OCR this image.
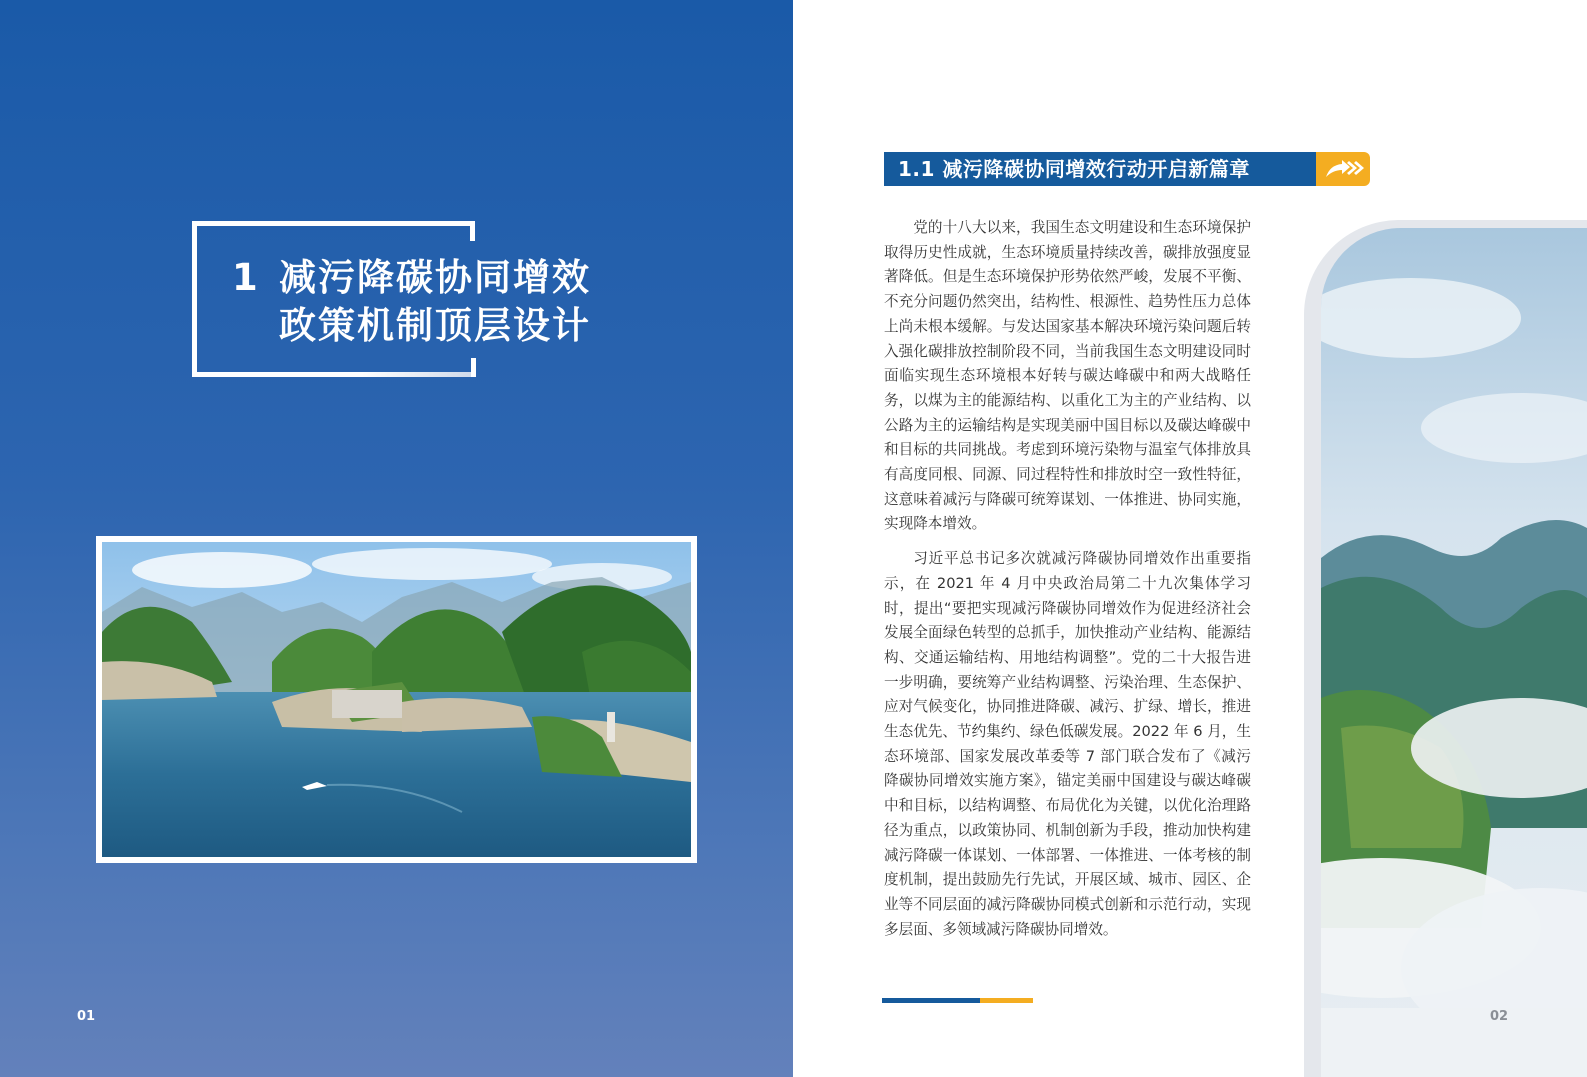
1 减污降碳协同增效
政策机制顶层设计
01
1.1 减污降碳协同增效行动开启新篇章

党的十八大以来，我国生态文明建设和生态环境保护取得历史性成就，生态环境质量持续改善，碳排放强度显著降低。但是生态环境保护形势依然严峻，发展不平衡、不充分问题仍然突出，结构性、根源性、趋势性压力总体上尚未根本缓解。与发达国家基本解决环境污染问题后转入强化碳排放控制阶段不同，当前我国生态文明建设同时面临实现生态环境根本好转与碳达峰碳中和两大战略任务，以煤为主的能源结构、以重化工为主的产业结构、以公路为主的运输结构是实现美丽中国目标以及碳达峰碳中和目标的共同挑战。考虑到环境污染物与温室气体排放具有高度同根、同源、同过程特性和排放时空一致性特征，这意味着减污与降碳可统筹谋划、一体推进、协同实施，实现降本增效。

习近平总书记多次就减污降碳协同增效作出重要指示，在 2021 年 4 月中央政治局第二十九次集体学习时，提出“要把实现减污降碳协同增效作为促进经济社会发展全面绿色转型的总抓手，加快推动产业结构、能源结构、交通运输结构、用地结构调整”。党的二十大报告进一步明确，要统筹产业结构调整、污染治理、生态保护、应对气候变化，协同推进降碳、减污、扩绿、增长，推进生态优先、节约集约、绿色低碳发展。2022 年 6 月，生态环境部、国家发展改革委等 7 部门联合发布了《减污降碳协同增效实施方案》，锚定美丽中国建设与碳达峰碳中和目标，以结构调整、布局优化为关键，以优化治理路径为重点，以政策协同、机制创新为手段，推动加快构建减污降碳一体谋划、一体部署、一体推进、一体考核的制度机制，提出鼓励先行先试，开展区域、城市、园区、企业等不同层面的减污降碳协同模式创新和示范行动，实现多层面、多领域减污降碳协同增效。

02
